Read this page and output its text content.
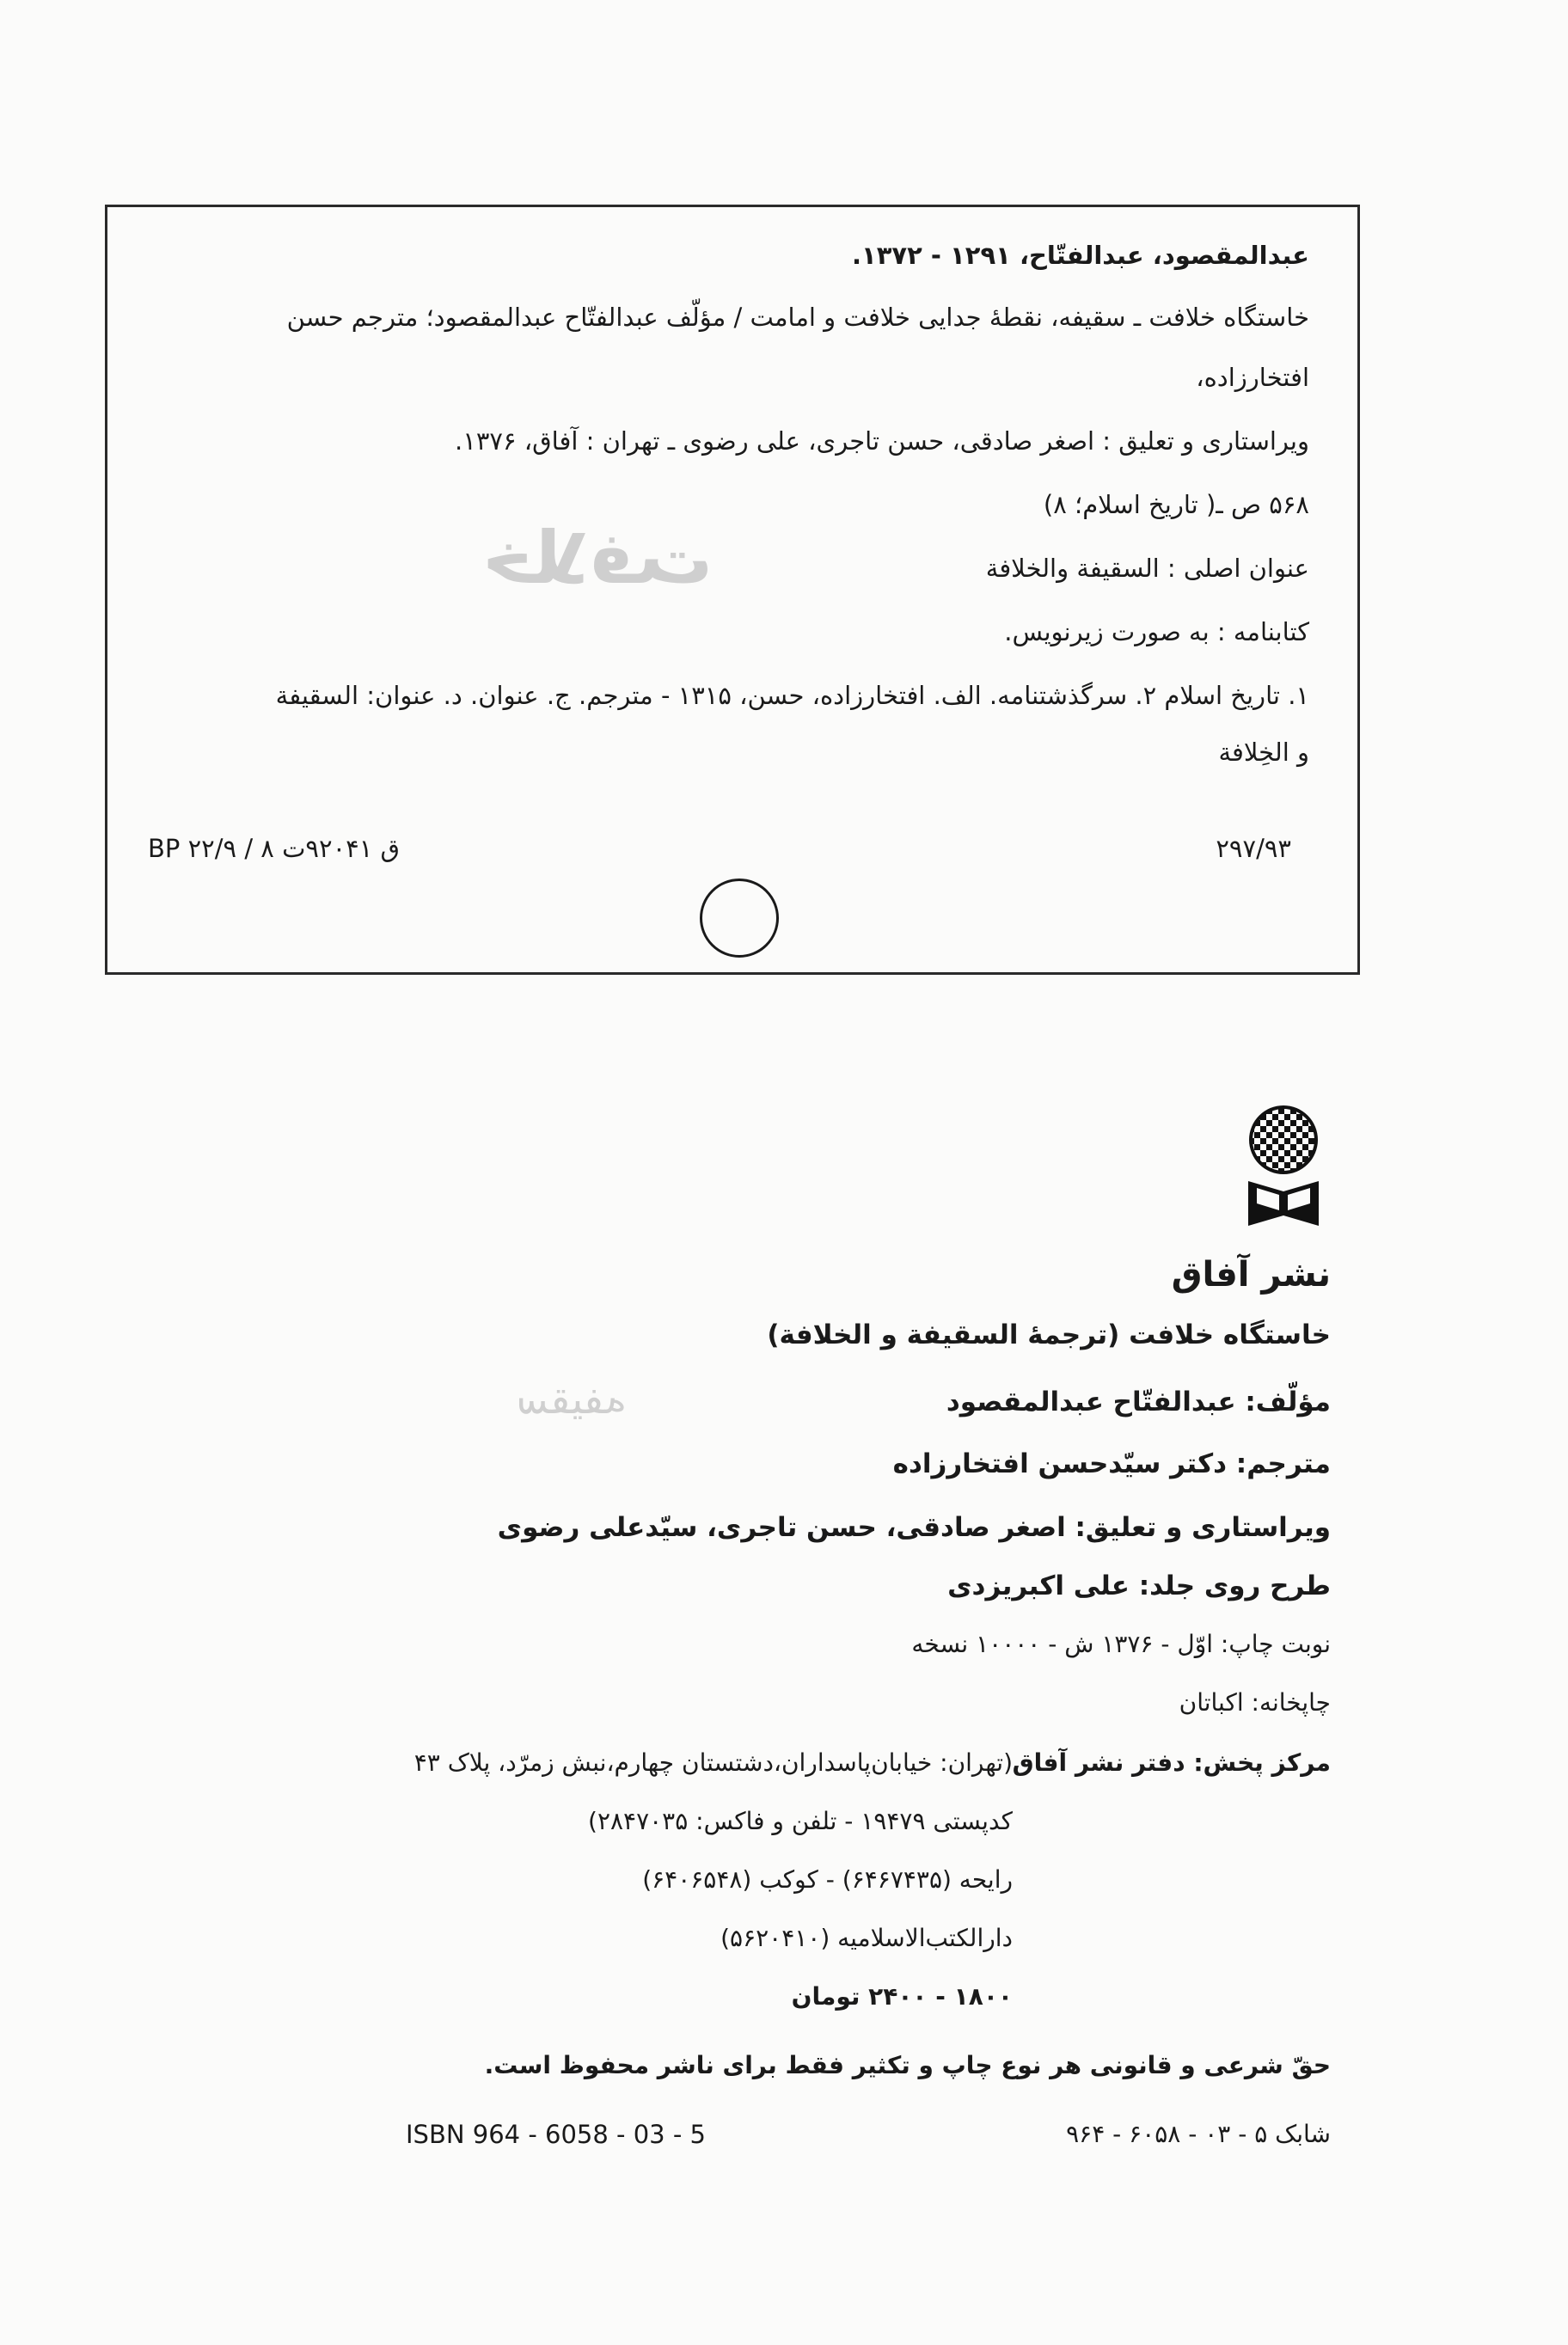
ﺧﻼﻓﺖ
ﺳﻘﻴﻔﻪ
عبدالمقصود، عبدالفتّاح، ۱۲۹۱ - ۱۳۷۲.
خاستگاه خلافت ـ سقیفه، نقطهٔ جدایی خلافت و امامت / مؤلّف عبدالفتّاح عبدالمقصود؛ مترجم حسن
افتخارزاده،
ویراستاری و تعلیق : اصغر صادقی، حسن تاجری، علی رضوی ـ تهران : آفاق، ۱۳۷۶.
۵۶۸ ص ـ( تاریخ اسلام؛ ۸)
عنوان اصلی : السقیفة والخلافة
کتابنامه : به صورت زیرنویس.
۱. تاریخ اسلام ۲. سرگذشتنامه. الف. افتخارزاده، حسن، ۱۳۱۵ - مترجم. ج. عنوان. د. عنوان: السقیفة
و الخِلافة
BP ۲۲/۹ / ۸ ق ۹۲۰۴۱ت	۲۹۷/۹۳
نشر آفاق
خاستگاه خلافت (ترجمهٔ السقیفة و الخلافة)
مؤلّف: عبدالفتّاح عبدالمقصود
مترجم: دکتر سیّدحسن افتخارزاده
ویراستاری و تعلیق: اصغر صادقی، حسن تاجری، سیّدعلی رضوی
طرح روی جلد: علی اکبریزدی
نوبت چاپ: اوّل - ۱۳۷۶ ش - ۱۰۰۰۰ نسخه
چاپخانه: اکباتان
مرکز پخش: دفتر نشر آفاق
(تهران: خیابان‌پاسداران،دشتستان چهارم،نبش زمرّد، پلاک ۴۳
کدپستی ۱۹۴۷۹ - تلفن و فاکس: ۲۸۴۷۰۳۵)
رایحه (۶۴۶۷۴۳۵) - کوکب (۶۴۰۶۵۴۸)
دارالکتب‌الاسلامیه (۵۶۲۰۴۱۰)
۱۸۰۰ - ۲۴۰۰ تومان
حقّ شرعی و قانونی هر نوع چاپ و تکثیر فقط برای ناشر محفوظ است.
شابک ۵ - ۰۳ - ۶۰۵۸ - ۹۶۴
ISBN 964 - 6058 - 03 - 5
